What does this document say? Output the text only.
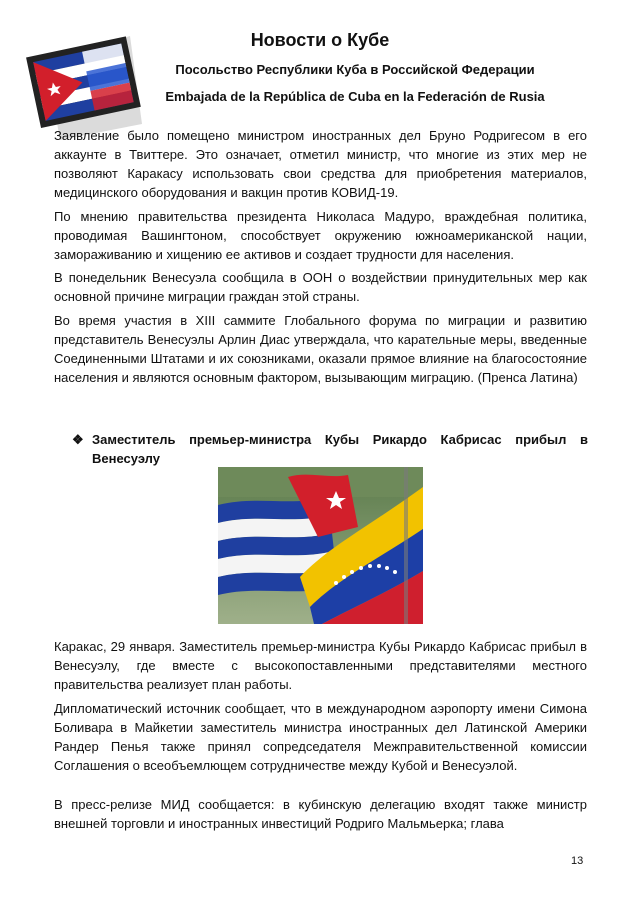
Новости о Кубе
Посольство Республики Куба в Российской Федерации
Embajada de la República de Cuba en la Federación de Rusia

Заявление было помещено министром иностранных дел Бруно Родригесом в его аккаунте в Твиттере. Это означает, отметил министр, что многие из этих мер не позволяют Каракасу использовать свои средства для приобретения материалов, медицинского оборудования и вакцин против КОВИД-19.

По мнению правительства президента Николаса Мадуро, враждебная политика, проводимая Вашингтоном, способствует окружению южноамериканской нации, замораживанию и хищению ее активов и создает трудности для населения.

В понедельник Венесуэла сообщила в ООН о воздействии принудительных мер как основной причине миграции граждан этой страны.

Во время участия в XIII саммите Глобального форума по миграции и развитию представитель Венесуэлы Арлин Диас утверждала, что карательные меры, введенные Соединенными Штатами и их союзниками, оказали прямое влияние на благосостояние населения и являются основным фактором, вызывающим миграцию. (Пренса Латина)

❖ Заместитель премьер-министра Кубы Рикардо Кабрисас прибыл в Венесуэлу

Каракас, 29 января. Заместитель премьер-министра Кубы Рикардо Кабрисас прибыл в Венесуэлу, где вместе с высокопоставленными представителями местного правительства реализует план работы.

Дипломатический источник сообщает, что в международном аэропорту имени Симона Боливара в Майкетии заместитель министра иностранных дел Латинской Америки Рандер Пенья также принял сопредседателя Межправительственной комиссии Соглашения о всеобъемлющем сотрудничестве между Кубой и Венесуэлой.

В пресс-релизе МИД сообщается: в кубинскую делегацию входят также министр внешней торговли и иностранных инвестиций Родриго Мальмьерка; глава

13
